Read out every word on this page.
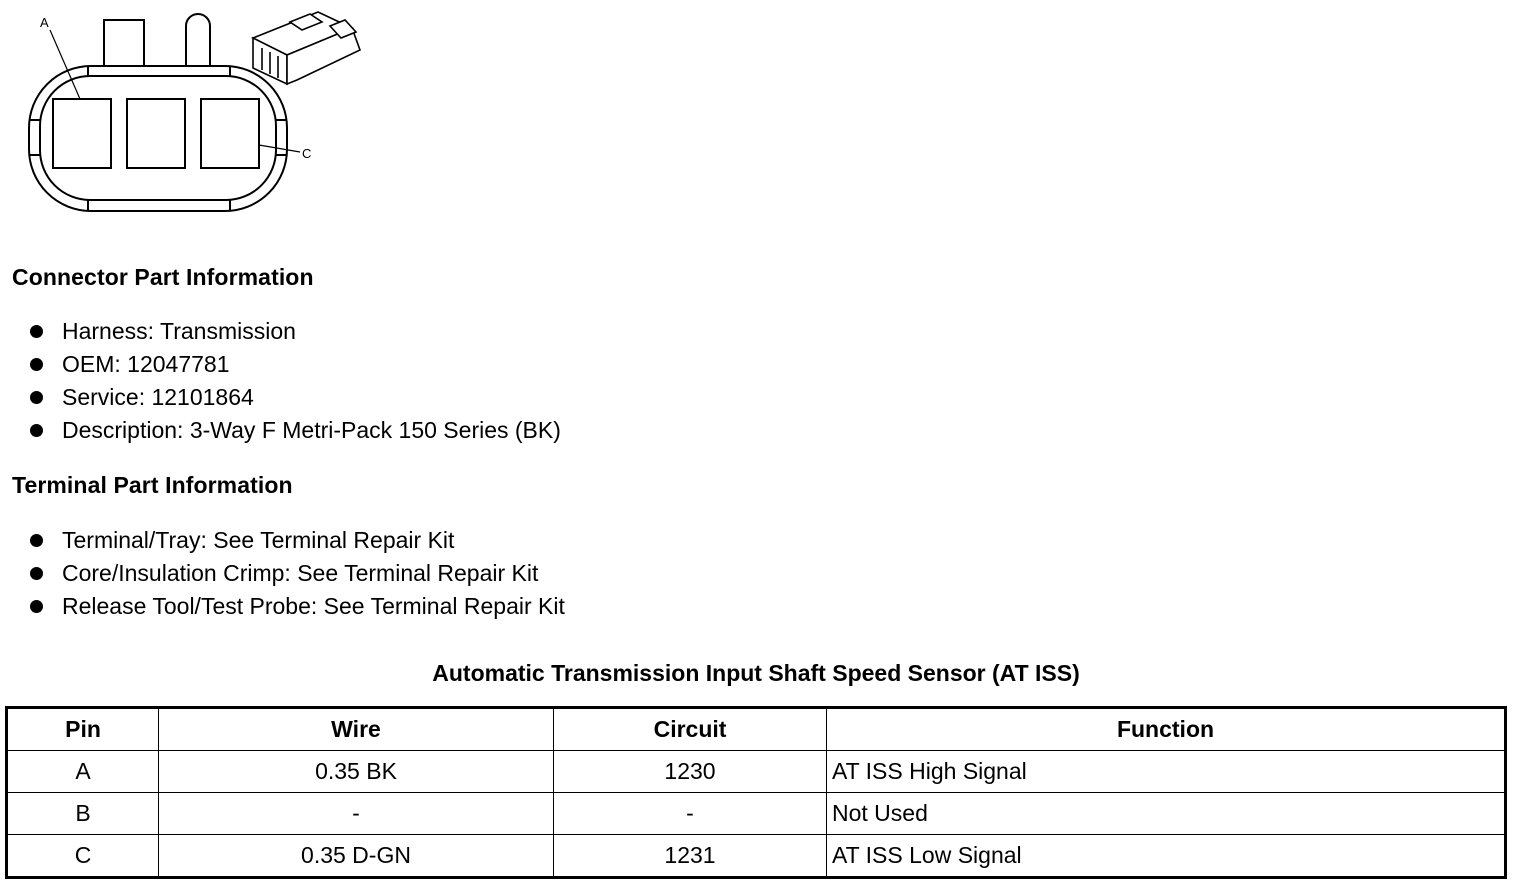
A
C
Connector Part Information
Harness: Transmission
OEM: 12047781
Service: 12101864
Description: 3-Way F Metri-Pack 150 Series (BK)
Terminal Part Information
Terminal/Tray: See Terminal Repair Kit
Core/Insulation Crimp: See Terminal Repair Kit
Release Tool/Test Probe: See Terminal Repair Kit
Automatic Transmission Input Shaft Speed Sensor (AT ISS)
Pin	Wire	Circuit	Function
A	0.35 BK	1230	AT ISS High Signal
B	-	-	Not Used
C	0.35 D-GN	1231	AT ISS Low Signal
